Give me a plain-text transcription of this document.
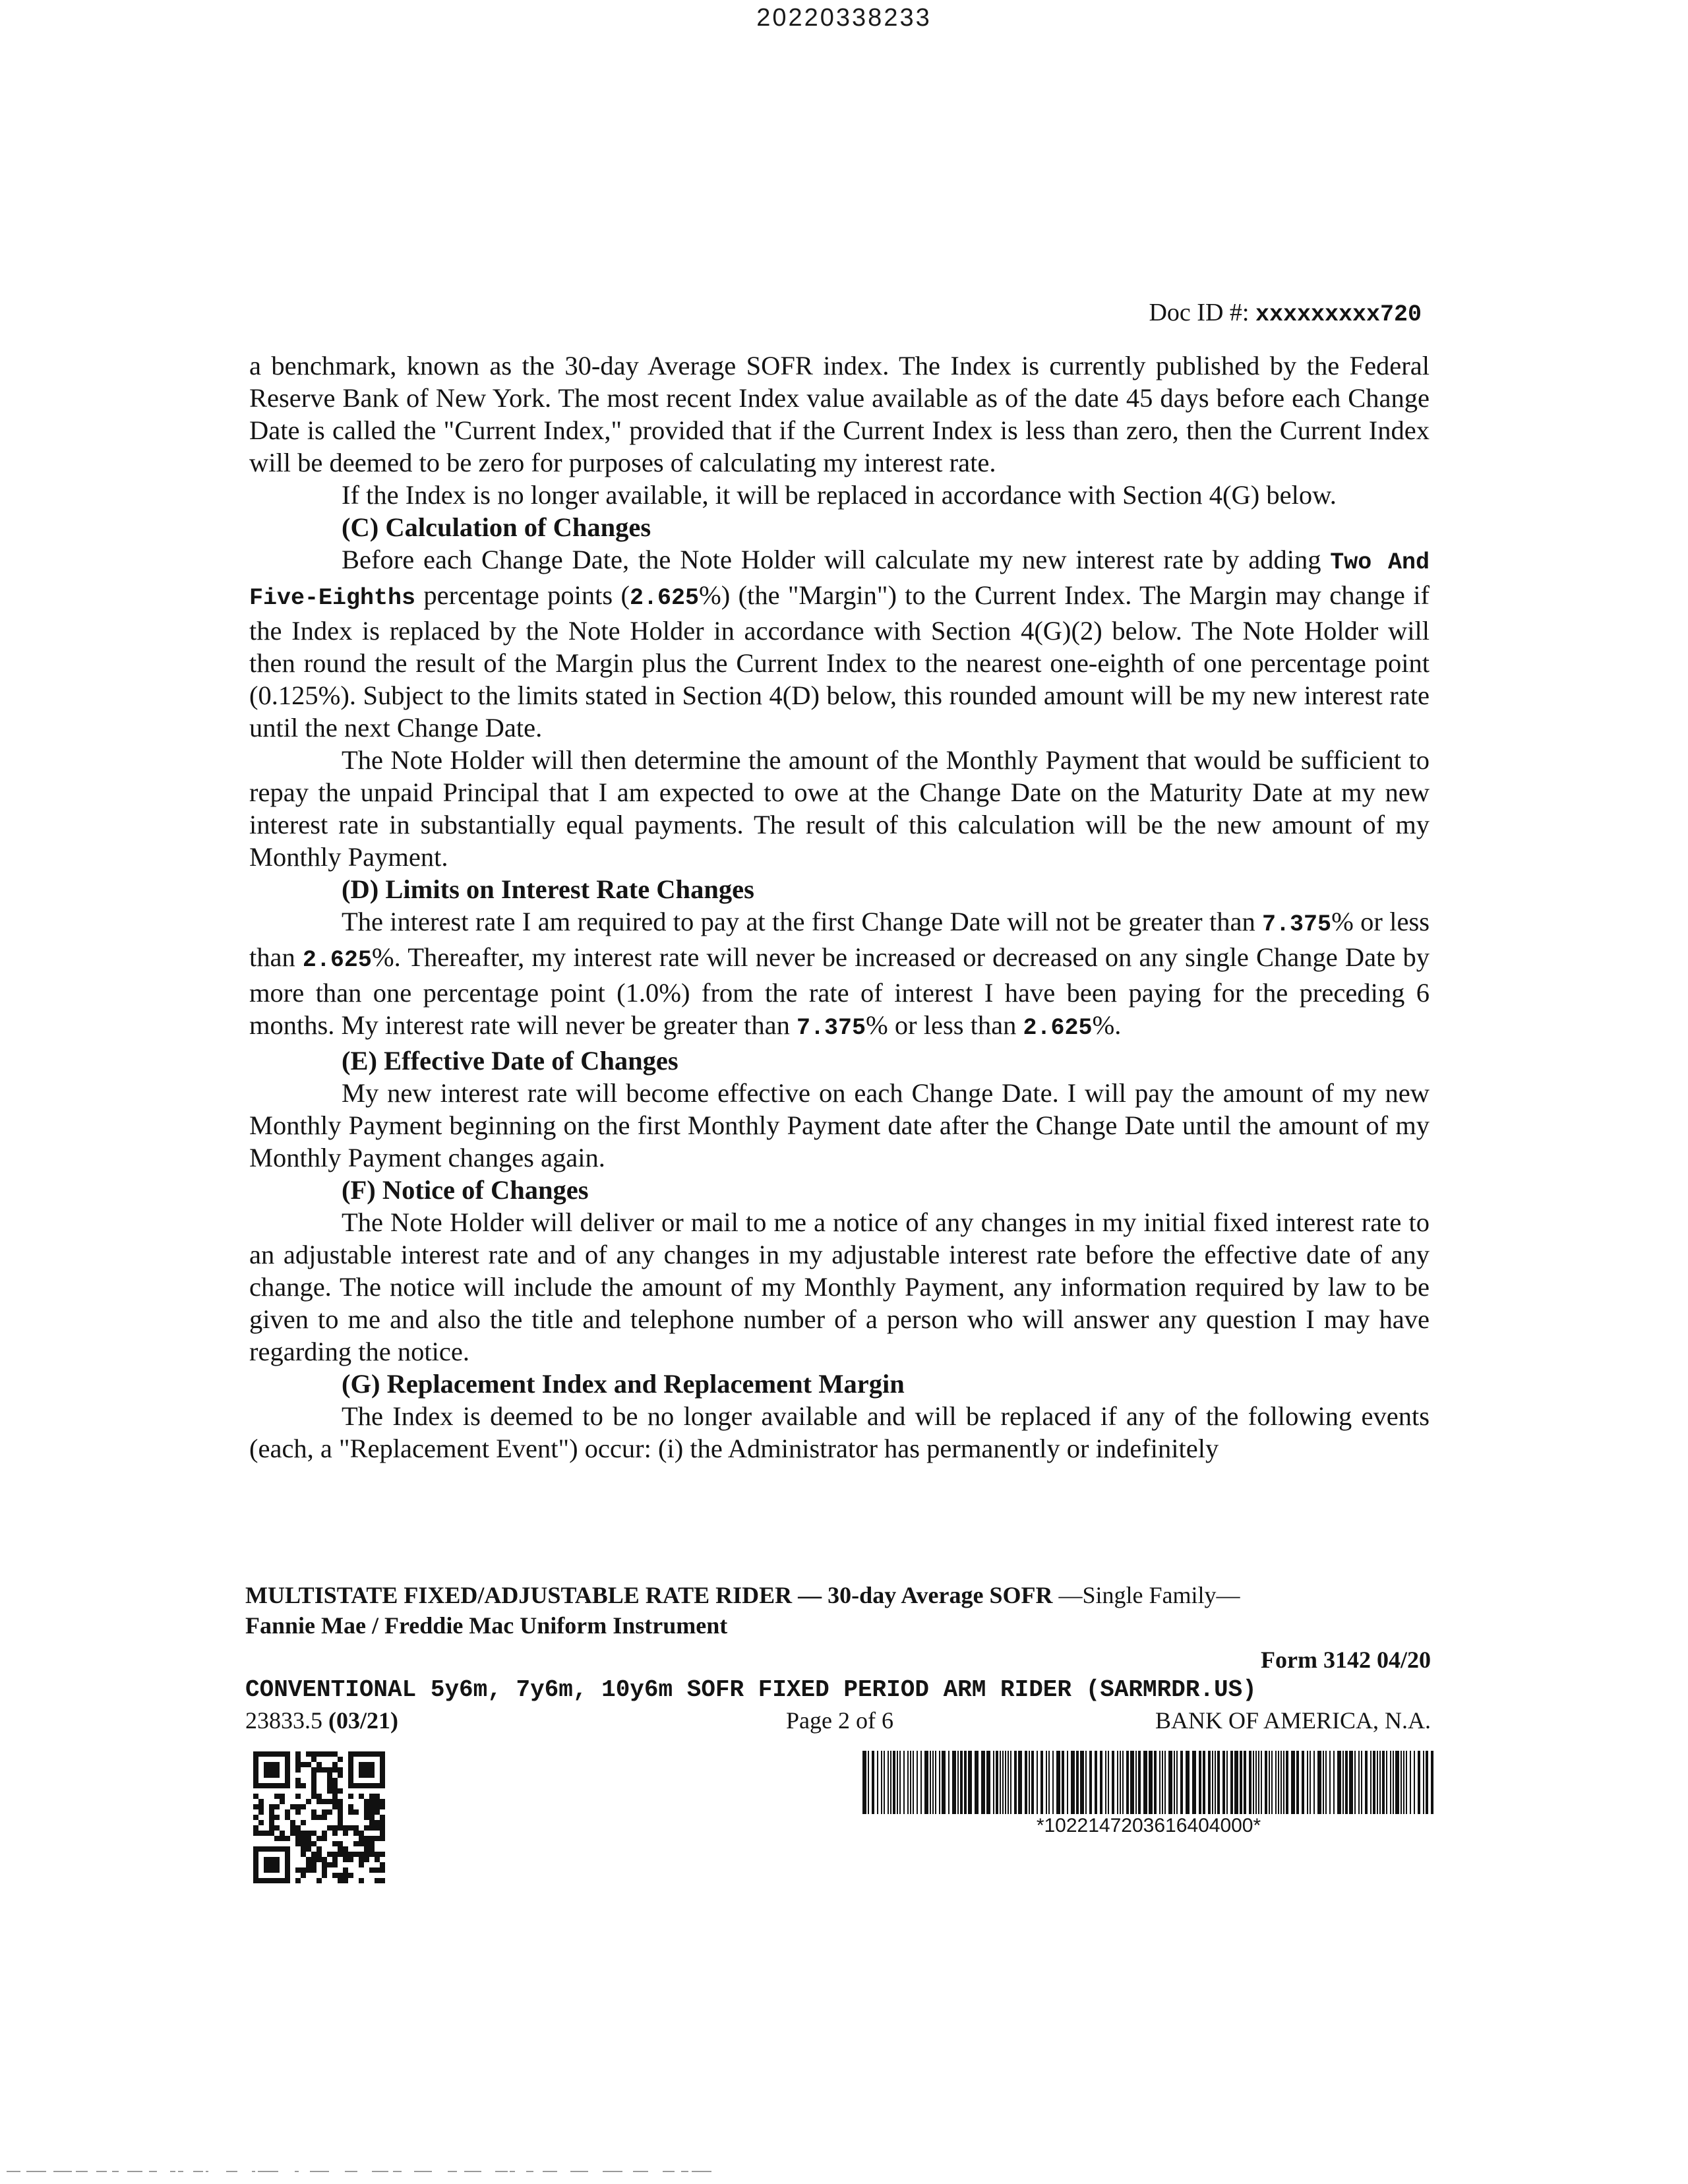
20220338233
Doc ID #: xxxxxxxxx720

a benchmark, known as the 30-day Average SOFR index. The Index is currently published by the Federal Reserve Bank of New York. The most recent Index value available as of the date 45 days before each Change Date is called the "Current Index," provided that if the Current Index is less than zero, then the Current Index will be deemed to be zero for purposes of calculating my interest rate.

If the Index is no longer available, it will be replaced in accordance with Section 4(G) below.

(C) Calculation of Changes

Before each Change Date, the Note Holder will calculate my new interest rate by adding Two And Five-Eighths percentage points (2.625%) (the "Margin") to the Current Index. The Margin may change if the Index is replaced by the Note Holder in accordance with Section 4(G)(2) below. The Note Holder will then round the result of the Margin plus the Current Index to the nearest one-eighth of one percentage point (0.125%). Subject to the limits stated in Section 4(D) below, this rounded amount will be my new interest rate until the next Change Date.

The Note Holder will then determine the amount of the Monthly Payment that would be sufficient to repay the unpaid Principal that I am expected to owe at the Change Date on the Maturity Date at my new interest rate in substantially equal payments. The result of this calculation will be the new amount of my Monthly Payment.

(D) Limits on Interest Rate Changes

The interest rate I am required to pay at the first Change Date will not be greater than 7.375% or less than 2.625%. Thereafter, my interest rate will never be increased or decreased on any single Change Date by more than one percentage point (1.0%) from the rate of interest I have been paying for the preceding 6 months. My interest rate will never be greater than 7.375% or less than 2.625%.

(E) Effective Date of Changes

My new interest rate will become effective on each Change Date. I will pay the amount of my new Monthly Payment beginning on the first Monthly Payment date after the Change Date until the amount of my Monthly Payment changes again.

(F) Notice of Changes

The Note Holder will deliver or mail to me a notice of any changes in my initial fixed interest rate to an adjustable interest rate and of any changes in my adjustable interest rate before the effective date of any change. The notice will include the amount of my Monthly Payment, any information required by law to be given to me and also the title and telephone number of a person who will answer any question I may have regarding the notice.

(G) Replacement Index and Replacement Margin

The Index is deemed to be no longer available and will be replaced if any of the following events (each, a "Replacement Event") occur: (i) the Administrator has permanently or indefinitely

MULTISTATE FIXED/ADJUSTABLE RATE RIDER — 30-day Average SOFR —Single Family—
Fannie Mae / Freddie Mac Uniform Instrument
Form 3142 04/20
CONVENTIONAL 5y6m, 7y6m, 10y6m SOFR FIXED PERIOD ARM RIDER (SARMRDR.US)
23833.5 (03/21)	Page 2 of 6	BANK OF AMERICA, N.A.
*1022147203616404000*
